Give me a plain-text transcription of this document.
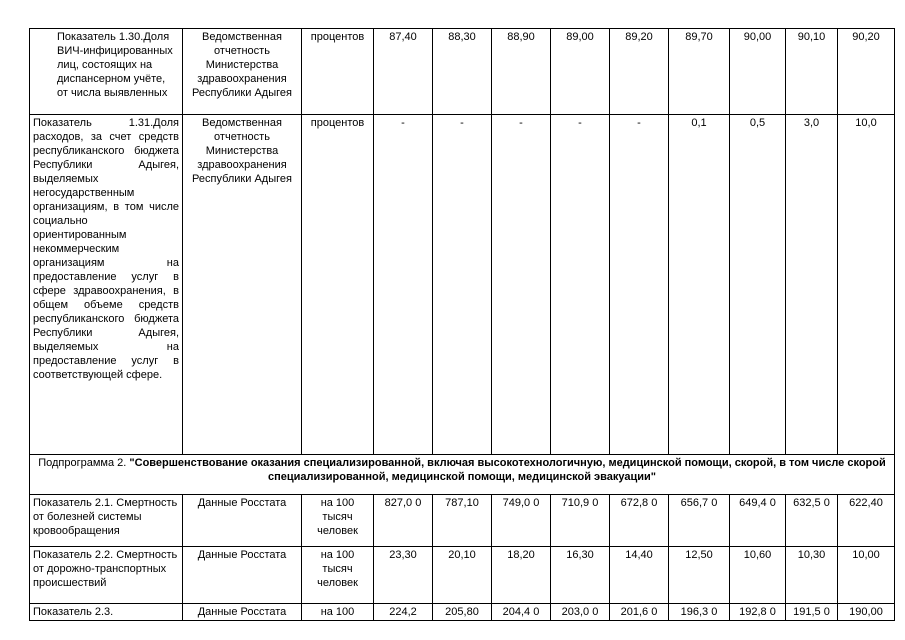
Показатель 1.30.Доля ВИЧ-инфицированных лиц, состоящих на диспансерном учёте, от числа выявленных	Ведомственная отчетность Министерства здравоохранения Республики Адыгея	процентов	87,40	88,30	88,90	89,00	89,20	89,70	90,00	90,10	90,20
Показатель 1.31.Доля расходов, за счет средств республиканского бюджета Республики Адыгея, выделяемых негосударственным организациям, в том числе социально ориентированным некоммерческим организациям на предоставление услуг в сфере здравоохранения, в общем объеме средств республиканского бюджета Республики Адыгея, выделяемых на предоставление услуг в соответствующей сфере.	Ведомственная отчетность Министерства здравоохранения Республики Адыгея	процентов	-	-	-	-	-	0,1	0,5	3,0	10,0
Подпрограмма 2. "Совершенствование оказания специализированной, включая высокотехнологичную, медицинской помощи, скорой, в том числе скорой специализированной, медицинской помощи, медицинской эвакуации"											
Показатель 2.1. Смертность от болезней системы кровообращения	Данные Росстата	на 100 тысяч человек	827,0 0	787,10	749,0 0	710,9 0	672,8 0	656,7 0	649,4 0	632,5 0	622,40
Показатель 2.2. Смертность от дорожно-транспортных происшествий	Данные Росстата	на 100 тысяч человек	23,30	20,10	18,20	16,30	14,40	12,50	10,60	10,30	10,00
Показатель 2.3.	Данные Росстата	на 100	224,2	205,80	204,4 0	203,0 0	201,6 0	196,3 0	192,8 0	191,5 0	190,00
